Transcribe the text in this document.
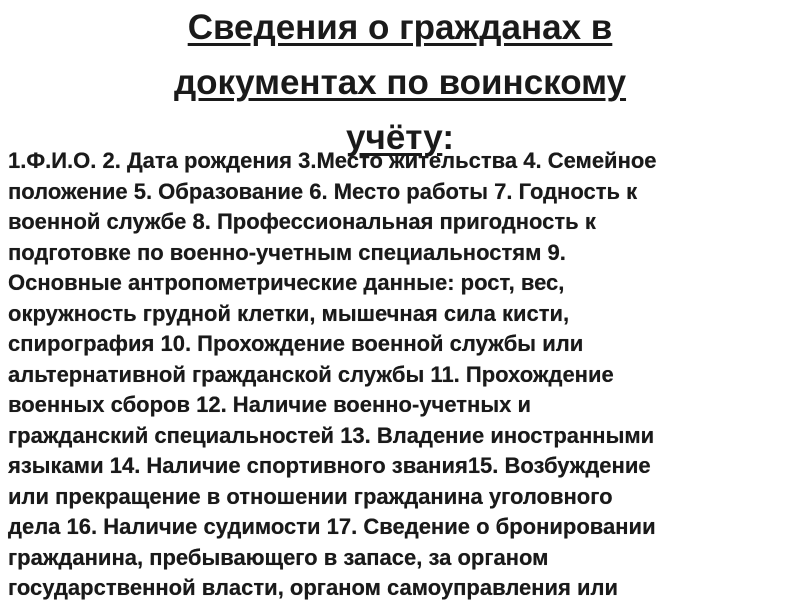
Сведения о гражданах в
документах по воинскому
учёту:
1.Ф.И.О. 2. Дата рождения 3.Место жительства 4. Семейное
положение 5. Образование 6. Место работы 7. Годность к
военной службе 8. Профессиональная пригодность к
подготовке по военно-учетным специальностям 9.
Основные антропометрические данные: рост, вес,
окружность грудной клетки, мышечная сила кисти,
спирография 10. Прохождение военной службы или
альтернативной гражданской службы 11. Прохождение
военных сборов 12. Наличие военно-учетных и
гражданский специальностей 13. Владение иностранными
языками 14. Наличие спортивного звания15. Возбуждение
или прекращение в отношении гражданина уголовного
дела 16. Наличие судимости 17. Сведение о бронировании
гражданина, пребывающего в запасе, за органом
государственной власти, органом самоуправления или
